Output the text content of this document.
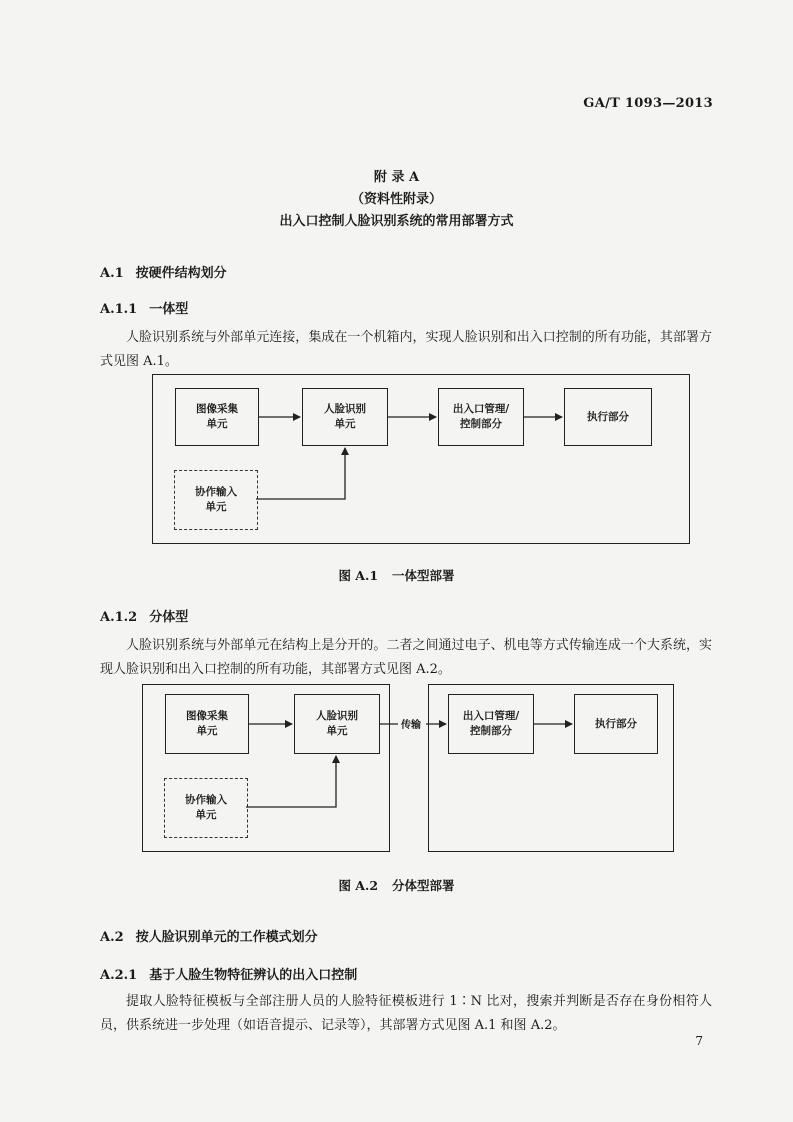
GA/T 1093—2013
附 录 A
（资料性附录）
出入口控制人脸识别系统的常用部署方式
A.1 按硬件结构划分
A.1.1 一体型
人脸识别系统与外部单元连接，集成在一个机箱内，实现人脸识别和出入口控制的所有功能，其部署方式见图 A.1。
图像采集
单元
人脸识别
单元
出入口管理/
控制部分
执行部分
协作输入
单元
图 A.1 一体型部署
A.1.2 分体型
人脸识别系统与外部单元在结构上是分开的。二者之间通过电子、机电等方式传输连成一个大系统，实现人脸识别和出入口控制的所有功能，其部署方式见图 A.2。
图像采集
单元
人脸识别
单元
出入口管理/
控制部分
执行部分
协作输入
单元
传输
图 A.2 分体型部署
A.2 按人脸识别单元的工作模式划分
A.2.1 基于人脸生物特征辨认的出入口控制
提取人脸特征模板与全部注册人员的人脸特征模板进行 1∶N 比对，搜索并判断是否存在身份相符人员，供系统进一步处理（如语音提示、记录等），其部署方式见图 A.1 和图 A.2。
7
